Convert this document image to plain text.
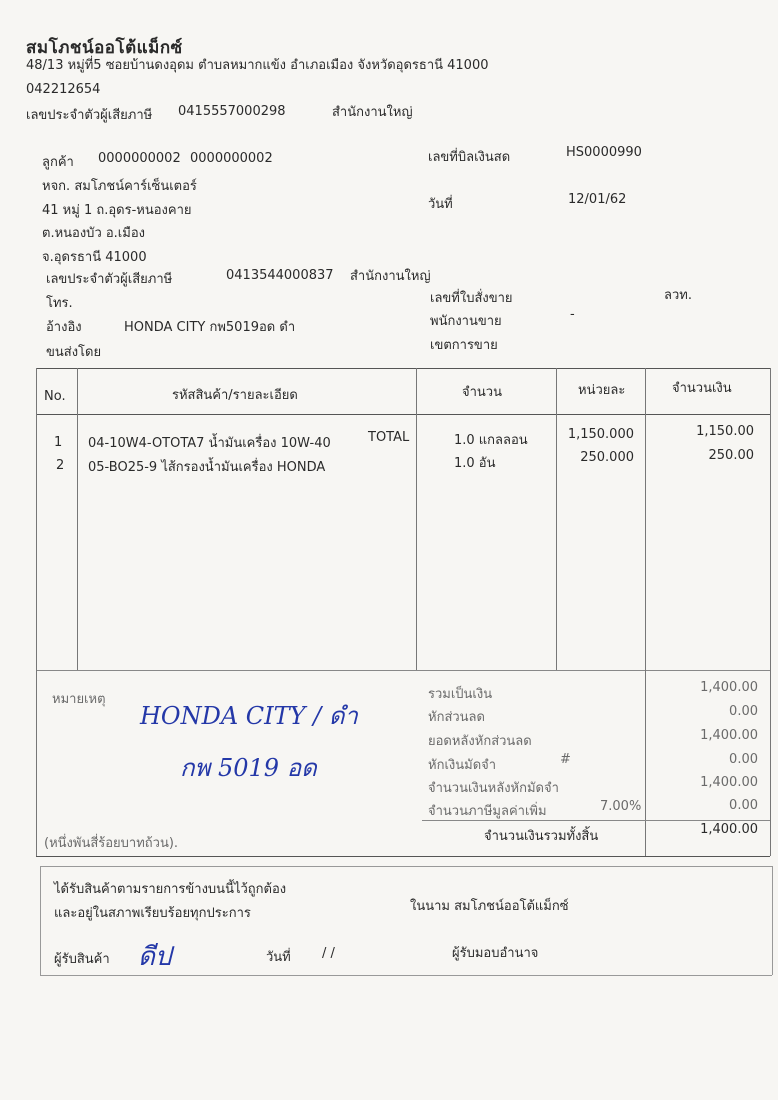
สมโภชน์ออโต้แม็กซ์
48/13 หมู่ที่5 ซอยบ้านดงอุดม ตำบลหมากแข้ง อำเภอเมือง จังหวัดอุดรธานี 41000
042212654
เลขประจำตัวผู้เสียภาษี 0415557000298	สำนักงานใหญ่
ลูกค้า 0000000002 0000000002
หจก. สมโภชน์คาร์เซ็นเตอร์
41 หมู่ 1 ถ.อุดร-หนองคาย
ต.หนองบัว อ.เมือง
จ.อุดรธานี 41000
เลขประจำตัวผู้เสียภาษี	0413544000837 สำนักงานใหญ่
โทร.
อ้างอิง	HONDA CITY กพ5019อด ดำ
ขนส่งโดย
เลขที่บิลเงินสด	HS0000990
วันที่	12/01/62
เลขที่ใบสั่งขาย	ลวท.
พนักงานขาย	-
เขตการขาย
No.	รหัสสินค้า/รายละเอียด	จำนวน	หน่วยละ	จำนวนเงิน
1 04-10W4-OTOTA7 น้ำมันเครื่อง 10W-40	TOTAL	1.0 แกลลอน	1,150.000	1,150.00
2 05-BO25-9 ไส้กรองน้ำมันเครื่อง HONDA	1.0 อัน	250.000	250.00
หมายเหตุ
HONDA CITY / ดำ
กพ 5019 อด
(หนึ่งพันสี่ร้อยบาทถ้วน).
รวมเป็นเงิน	1,400.00
หักส่วนลด	0.00
ยอดหลังหักส่วนลด	1,400.00
หักเงินมัดจำ	#	0.00
จำนวนเงินหลังหักมัดจำ	1,400.00
จำนวนภาษีมูลค่าเพิ่ม	7.00%	0.00
จำนวนเงินรวมทั้งสิ้น	1,400.00
ได้รับสินค้าตามรายการข้างบนนี้ไว้ถูกต้อง
และอยู่ในสภาพเรียบร้อยทุกประการ	ในนาม สมโภชน์ออโต้แม็กซ์
ผู้รับสินค้า ดีป	วันที่ / /	ผู้รับมอบอำนาจ
